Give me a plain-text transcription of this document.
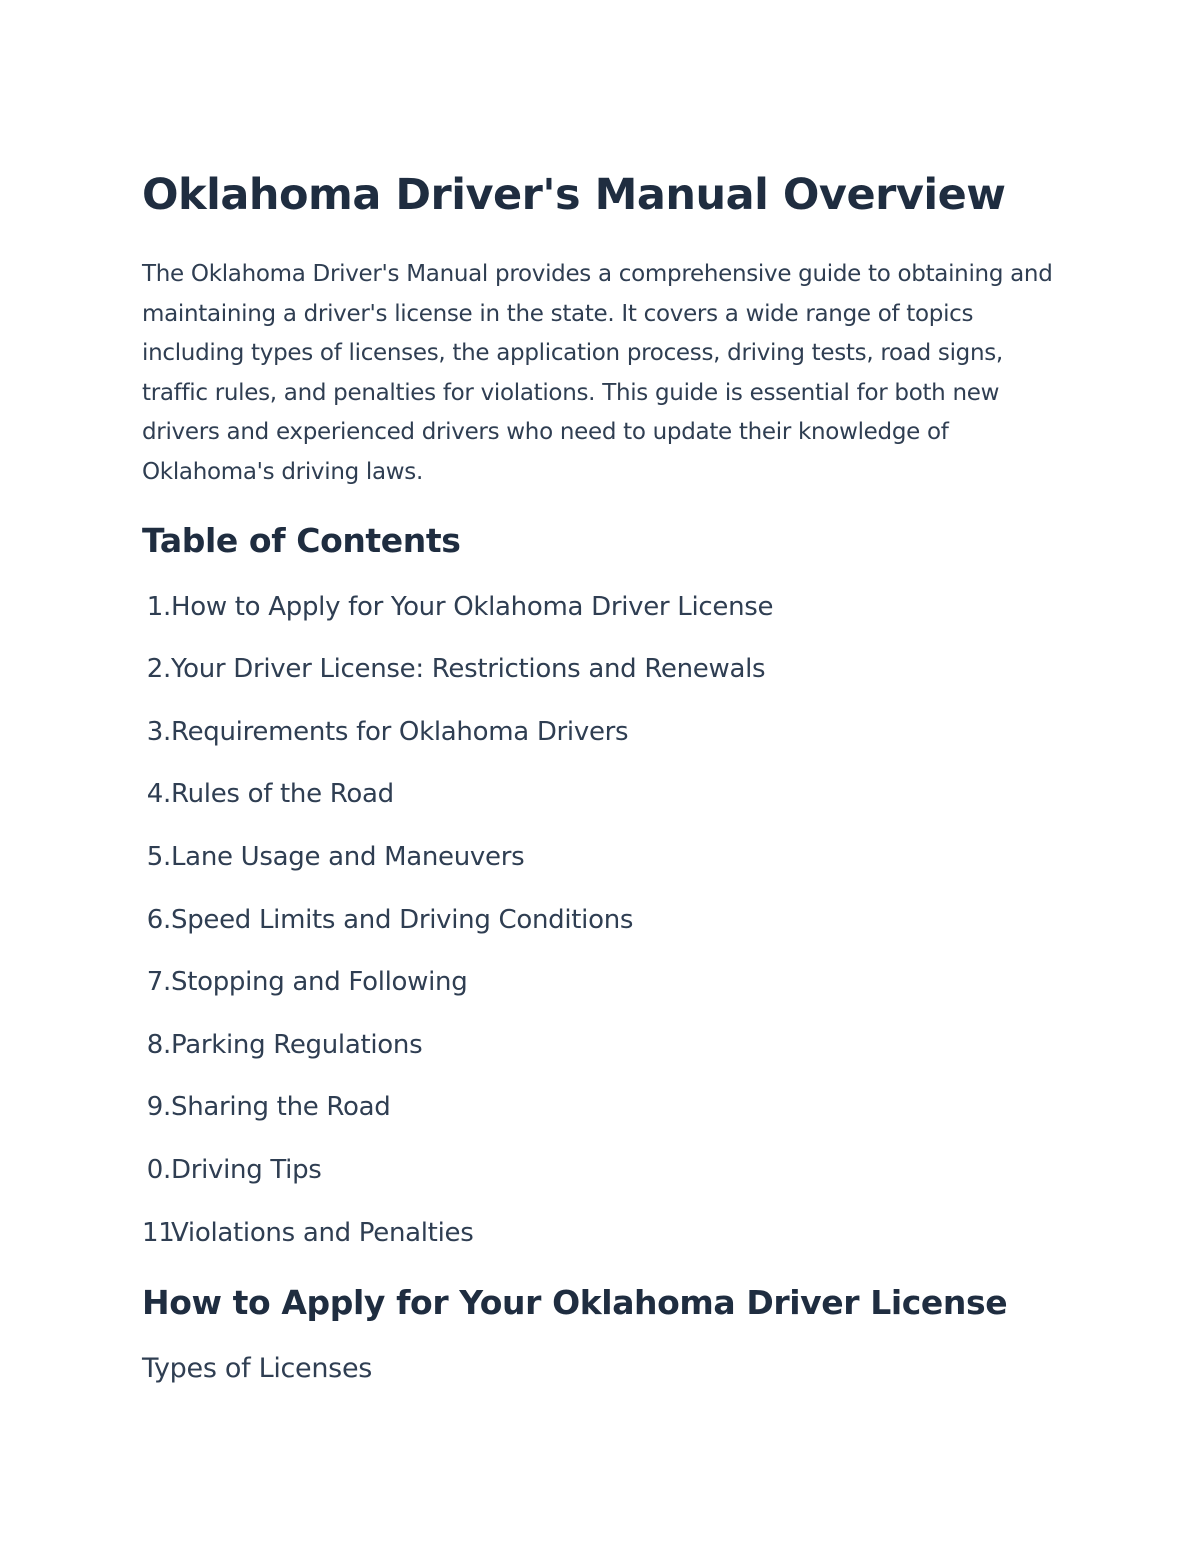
Oklahoma Driver's Manual Overview

The Oklahoma Driver's Manual provides a comprehensive guide to obtaining and maintaining a driver's license in the state. It covers a wide range of topics including types of licenses, the application process, driving tests, road signs, traffic rules, and penalties for violations. This guide is essential for both new drivers and experienced drivers who need to update their knowledge of Oklahoma's driving laws.

Table of Contents
1. How to Apply for Your Oklahoma Driver License
2. Your Driver License: Restrictions and Renewals
3. Requirements for Oklahoma Drivers
4. Rules of the Road
5. Lane Usage and Maneuvers
6. Speed Limits and Driving Conditions
7. Stopping and Following
8. Parking Regulations
9. Sharing the Road
0. Driving Tips
11.
Violations and Penalties
How to Apply for Your Oklahoma Driver License
Types of Licenses
